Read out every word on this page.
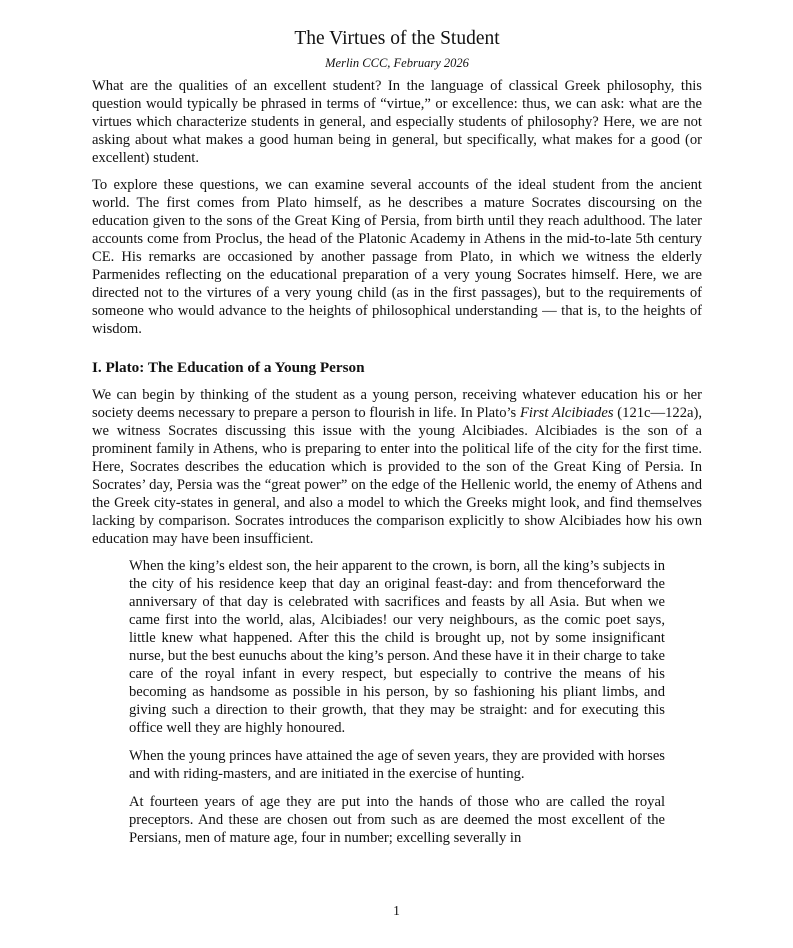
The Virtues of the Student
Merlin CCC, February 2026

What are the qualities of an excellent student? In the language of classical Greek philosophy, this question would typically be phrased in terms of “virtue,” or excellence: thus, we can ask: what are the virtues which characterize students in general, and especially students of philosophy? Here, we are not asking about what makes a good human being in general, but specifically, what makes for a good (or excellent) student.

To explore these questions, we can examine several accounts of the ideal student from the ancient world. The first comes from Plato himself, as he describes a mature Socrates discoursing on the education given to the sons of the Great King of Persia, from birth until they reach adulthood. The later accounts come from Proclus, the head of the Platonic Academy in Athens in the mid-to-late 5th century CE. His remarks are occasioned by another passage from Plato, in which we witness the elderly Parmenides reflecting on the educational preparation of a very young Socrates himself. Here, we are directed not to the virtures of a very young child (as in the first passages), but to the requirements of someone who would advance to the heights of philosophical understanding — that is, to the heights of wisdom.

I. Plato: The Education of a Young Person

We can begin by thinking of the student as a young person, receiving whatever education his or her society deems necessary to prepare a person to flourish in life. In Plato’s First Alcibiades (121c—122a), we witness Socrates discussing this issue with the young Alcibiades. Alcibiades is the son of a prominent family in Athens, who is preparing to enter into the political life of the city for the first time. Here, Socrates describes the education which is provided to the son of the Great King of Persia. In Socrates’ day, Persia was the “great power” on the edge of the Hellenic world, the enemy of Athens and the Greek city-states in general, and also a model to which the Greeks might look, and find themselves lacking by comparison. Socrates introduces the comparison explicitly to show Alcibiades how his own education may have been insufficient.

When the king’s eldest son, the heir apparent to the crown, is born, all the king’s subjects in the city of his residence keep that day an original feast-day: and from thenceforward the anniversary of that day is celebrated with sacrifices and feasts by all Asia. But when we came first into the world, alas, Alcibiades! our very neighbours, as the comic poet says, little knew what happened. After this the child is brought up, not by some insignificant nurse, but the best eunuchs about the king’s person. And these have it in their charge to take care of the royal infant in every respect, but especially to contrive the means of his becoming as handsome as possible in his person, by so fashioning his pliant limbs, and giving such a direction to their growth, that they may be straight: and for executing this office well they are highly honoured.

When the young princes have attained the age of seven years, they are provided with horses and with riding-masters, and are initiated in the exercise of hunting.

At fourteen years of age they are put into the hands of those who are called the royal preceptors. And these are chosen out from such as are deemed the most excellent of the Persians, men of mature age, four in number; excelling severally in

1
